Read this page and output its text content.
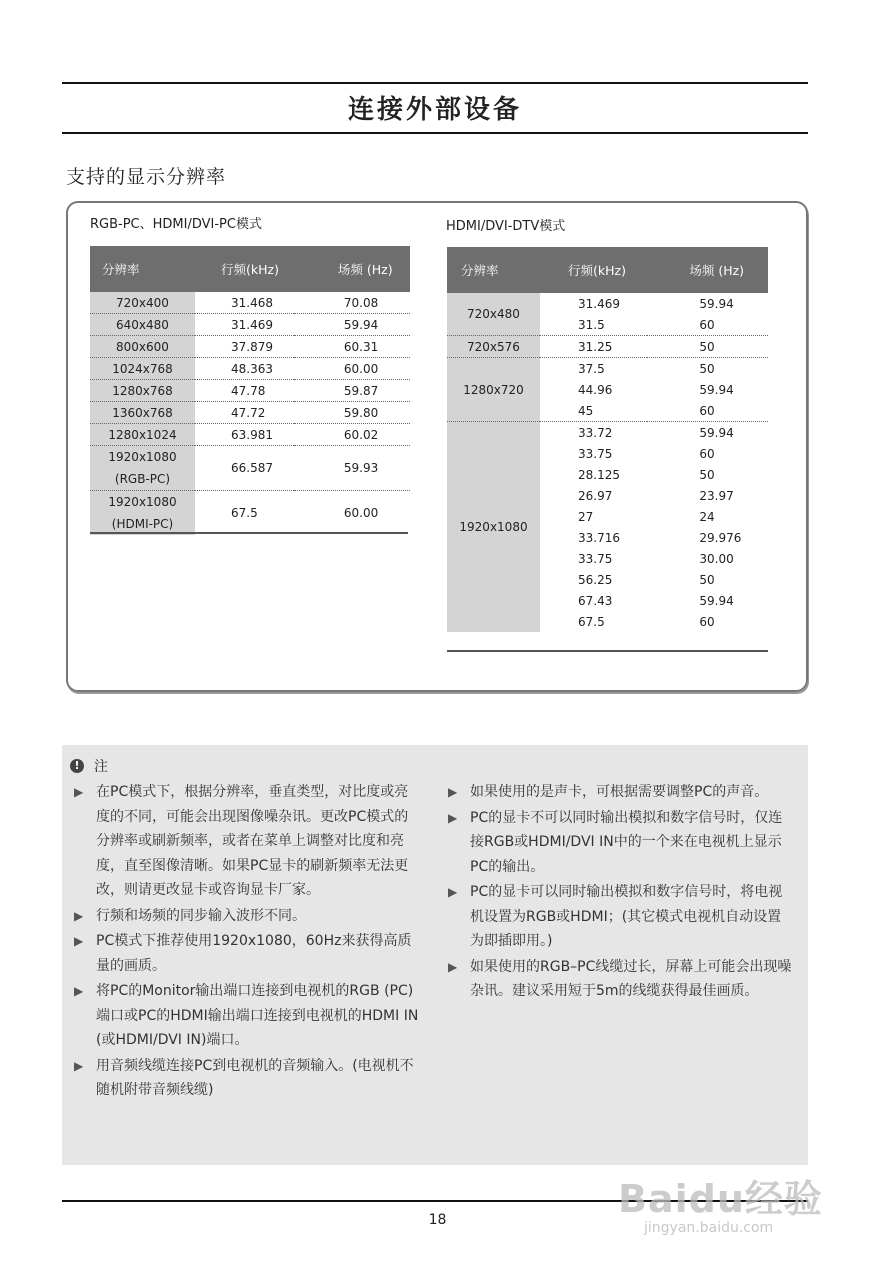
连接外部设备
支持的显示分辨率
RGB-PC、HDMI/DVI-PC模式
分辨率	行频(kHz)	场频 (Hz)
720x400	31.468	70.08
640x480	31.469	59.94
800x600	37.879	60.31
1024x768	48.363	60.00
1280x768	47.78	59.87
1360x768	47.72	59.80
1280x1024	63.981	60.02
1920x1080
(RGB-PC)	66.587	59.93
1920x1080
(HDMI-PC)	67.5	60.00
HDMI/DVI-DTV模式
分辨率	行频(kHz)	场频 (Hz)
720x480	31.469	59.94
	31.5	60
720x576	31.25	50
1280x720	37.5	50
	44.96	59.94
	45	60
1920x1080	33.72	59.94
	33.75	60
	28.125	50
	26.97	23.97
	27	24
	33.716	29.976
	33.75	30.00
	56.25	50
	67.43	59.94
	67.5	60
!	注
▶ 在PC模式下，根据分辨率，垂直类型，对比度或亮度的不同，可能会出现图像噪杂讯。更改PC模式的分辨率或刷新频率，或者在菜单上调整对比度和亮度，直至图像清晰。如果PC显卡的刷新频率无法更改，则请更改显卡或咨询显卡厂家。
▶ 行频和场频的同步输入波形不同。
▶ PC模式下推荐使用1920x1080，60Hz来获得高质量的画质。
▶ 将PC的Monitor输出端口连接到电视机的RGB (PC)端口或PC的HDMI输出端口连接到电视机的HDMI IN (或HDMI/DVI IN)端口。
▶ 用音频线缆连接PC到电视机的音频输入。(电视机不随机附带音频线缆)
▶ 如果使用的是声卡，可根据需要调整PC的声音。
▶ PC的显卡不可以同时输出模拟和数字信号时，仅连接RGB或HDMI/DVI IN中的一个来在电视机上显示PC的输出。
▶ PC的显卡可以同时输出模拟和数字信号时，将电视机设置为RGB或HDMI；(其它模式电视机自动设置为即插即用。)
▶ 如果使用的RGB–PC线缆过长，屏幕上可能会出现噪杂讯。建议采用短于5m的线缆获得最佳画质。
18	Baidu经验
jingyan.baidu.com
